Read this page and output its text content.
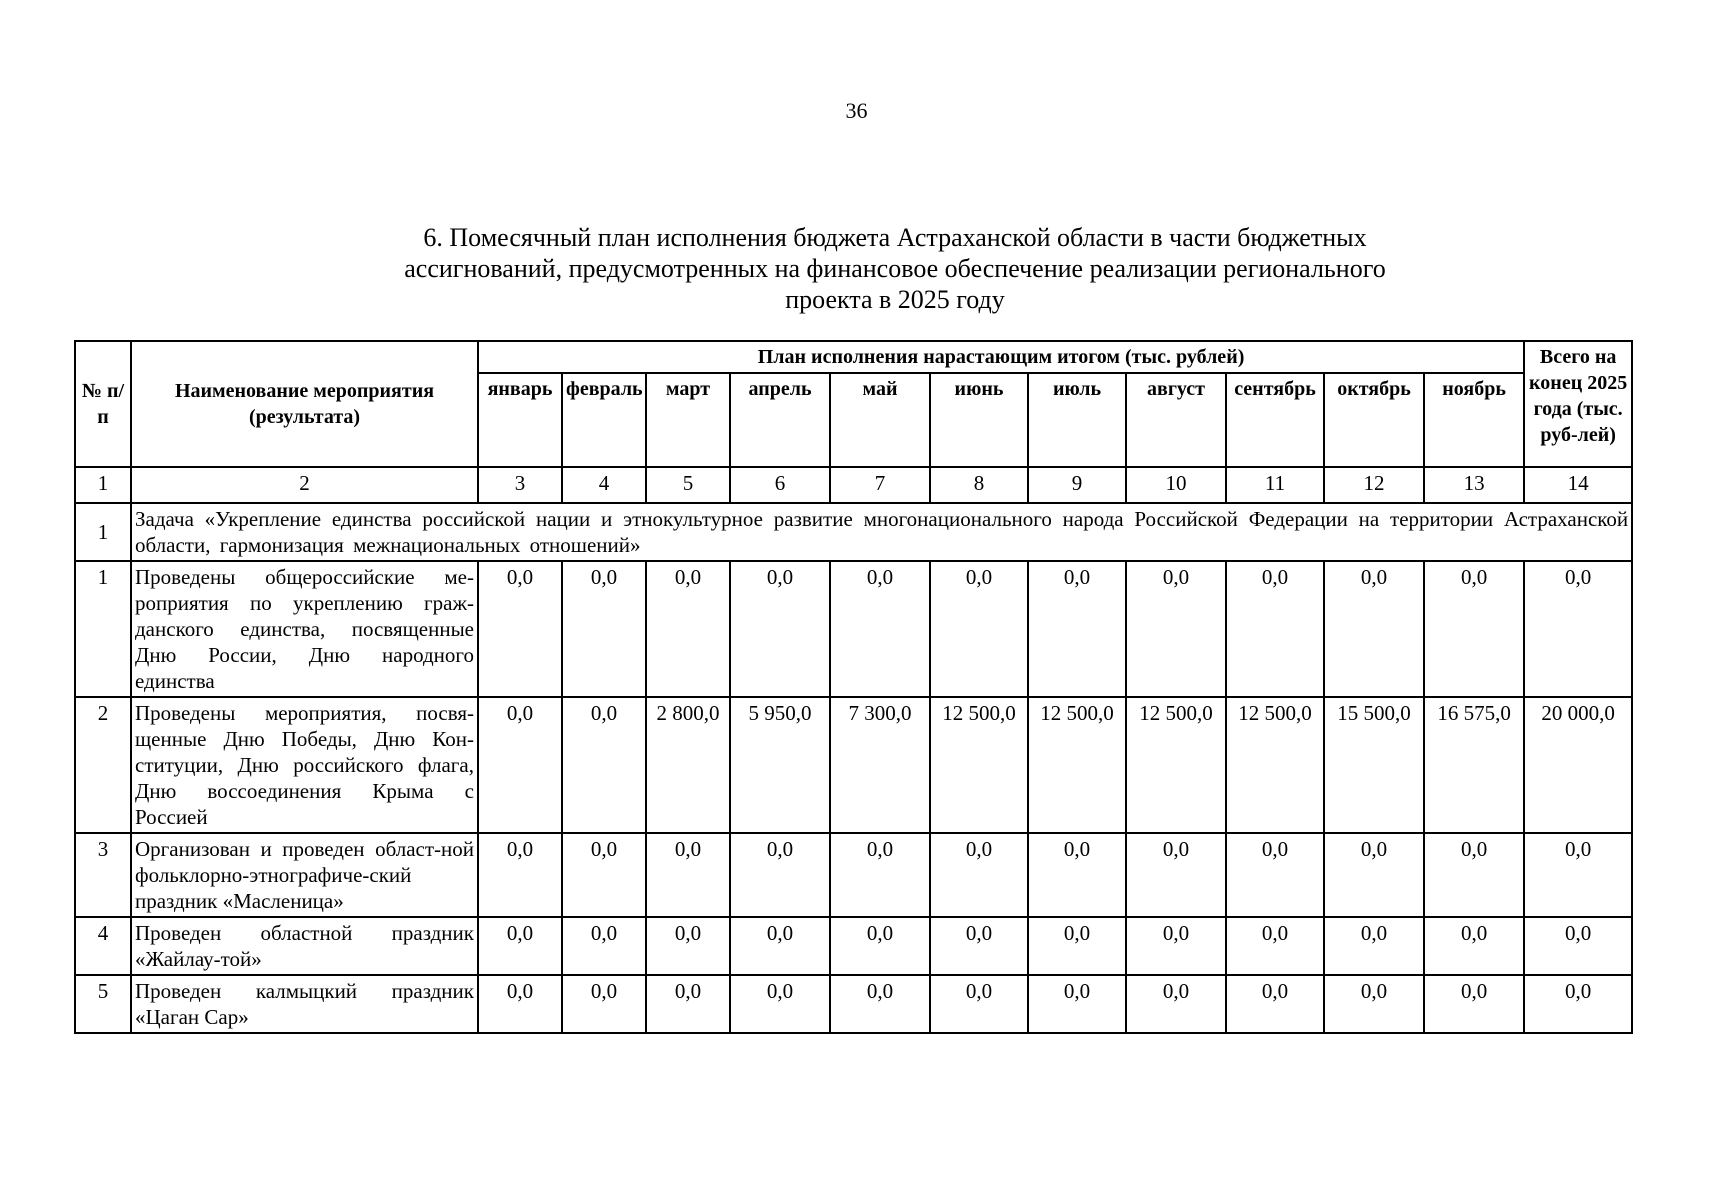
36
6. Помесячный план исполнения бюджета Астраханской области в части бюджетных
ассигнований, предусмотренных на финансовое обеспечение реализации регионального
проекта в 2025 году
№ п/п	Наименование мероприятия (результата)	План исполнения нарастающим итогом (тыс. рублей)											Всего на конец 2025 года (тыс. руб-лей)
		январь	февраль	март	апрель	май	июнь	июль	август	сентябрь	октябрь	ноябрь	
1	2	3	4	5	6	7	8	9	10	11	12	13	14
1	Задача «Укрепление единства российской нации и этнокультурное развитие многонационального народа Российской Федерации на территории Астраханской области, гармонизация межнациональных отношений»												
1	Проведены общероссийские ме-роприятия по укреплению граж-данского единства, посвященные Дню России, Дню народного единства	0,0	0,0	0,0	0,0	0,0	0,0	0,0	0,0	0,0	0,0	0,0	0,0
2	Проведены мероприятия, посвя-щенные Дню Победы, Дню Кон-ституции, Дню российского флага, Дню воссоединения Крыма с Россией	0,0	0,0	2 800,0	5 950,0	7 300,0	12 500,0	12 500,0	12 500,0	12 500,0	15 500,0	16 575,0	20 000,0
3	Организован и проведен област-ной фольклорно-этнографиче-ский праздник «Масленица»	0,0	0,0	0,0	0,0	0,0	0,0	0,0	0,0	0,0	0,0	0,0	0,0
4	Проведен областной праздник «Жайлау-той»	0,0	0,0	0,0	0,0	0,0	0,0	0,0	0,0	0,0	0,0	0,0	0,0
5	Проведен калмыцкий праздник «Цаган Сар»	0,0	0,0	0,0	0,0	0,0	0,0	0,0	0,0	0,0	0,0	0,0	0,0
